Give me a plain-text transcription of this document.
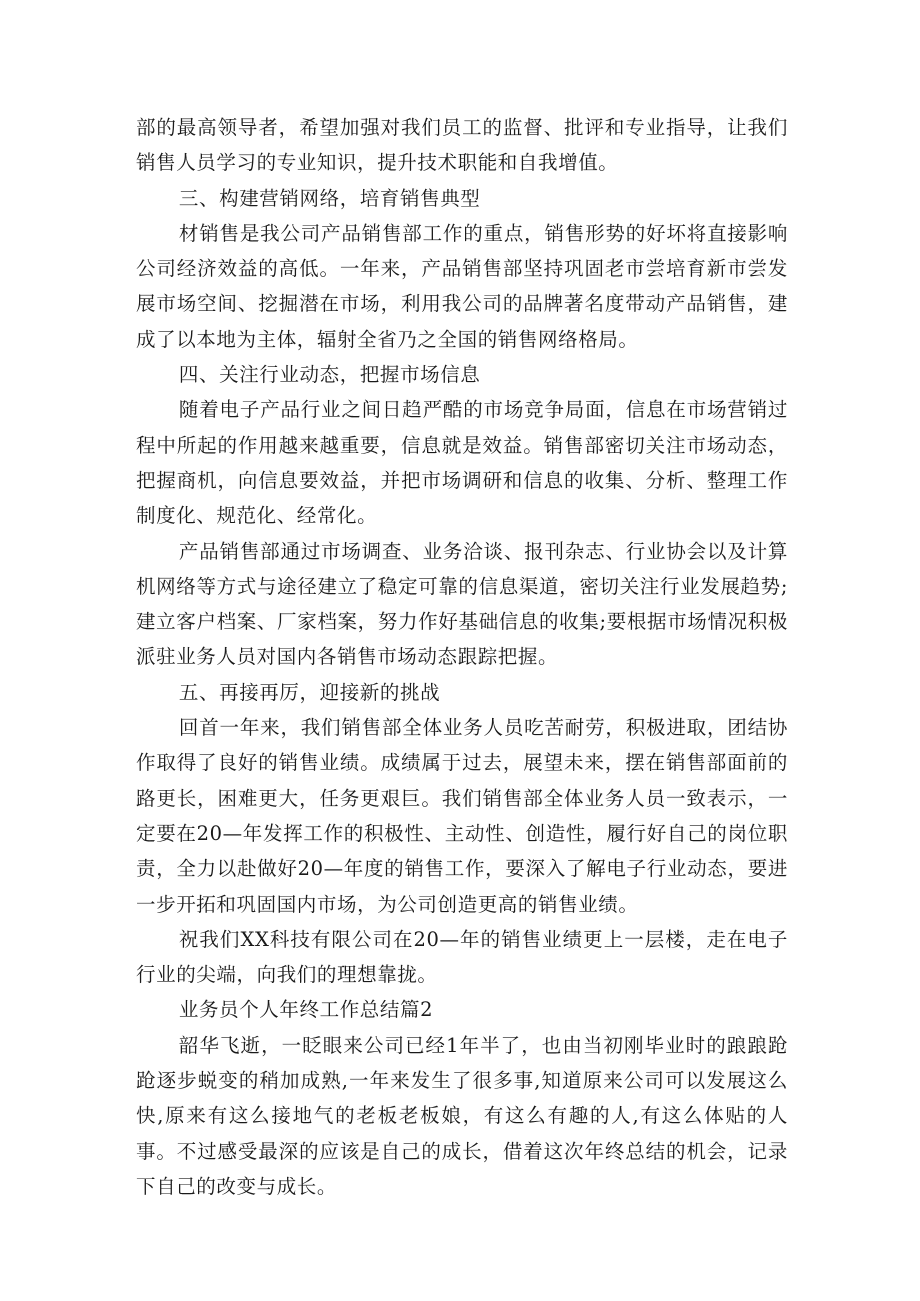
部的最高领导者，希望加强对我们员工的监督、批评和专业指导，让我们销售人员学习的专业知识，提升技术职能和自我增值。

三、构建营销网络，培育销售典型

材销售是我公司产品销售部工作的重点，销售形势的好坏将直接影响公司经济效益的高低。一年来，产品销售部坚持巩固老市尝培育新市尝发展市场空间、挖掘潜在市场，利用我公司的品牌著名度带动产品销售，建成了以本地为主体，辐射全省乃之全国的销售网络格局。

四、关注行业动态，把握市场信息

随着电子产品行业之间日趋严酷的市场竞争局面，信息在市场营销过程中所起的作用越来越重要，信息就是效益。销售部密切关注市场动态，把握商机，向信息要效益，并把市场调研和信息的收集、分析、整理工作制度化、规范化、经常化。

产品销售部通过市场调查、业务洽谈、报刊杂志、行业协会以及计算机网络等方式与途径建立了稳定可靠的信息渠道，密切关注行业发展趋势;建立客户档案、厂家档案，努力作好基础信息的收集;要根据市场情况积极派驻业务人员对国内各销售市场动态跟踪把握。

五、再接再厉，迎接新的挑战

回首一年来，我们销售部全体业务人员吃苦耐劳，积极进取，团结协作取得了良好的销售业绩。成绩属于过去，展望未来，摆在销售部面前的路更长，困难更大，任务更艰巨。我们销售部全体业务人员一致表示，一定要在20—年发挥工作的积极性、主动性、创造性，履行好自己的岗位职责，全力以赴做好20—年度的销售工作，要深入了解电子行业动态，要进一步开拓和巩固国内市场，为公司创造更高的销售业绩。

祝我们XX科技有限公司在20—年的销售业绩更上一层楼，走在电子行业的尖端，向我们的理想靠拢。

业务员个人年终工作总结篇2

韶华飞逝，一眨眼来公司已经1年半了，也由当初刚毕业时的踉踉跄跄逐步蜕变的稍加成熟,一年来发生了很多事,知道原来公司可以发展这么快,原来有这么接地气的老板老板娘，有这么有趣的人,有这么体贴的人事。不过感受最深的应该是自己的成长，借着这次年终总结的机会，记录下自己的改变与成长。
